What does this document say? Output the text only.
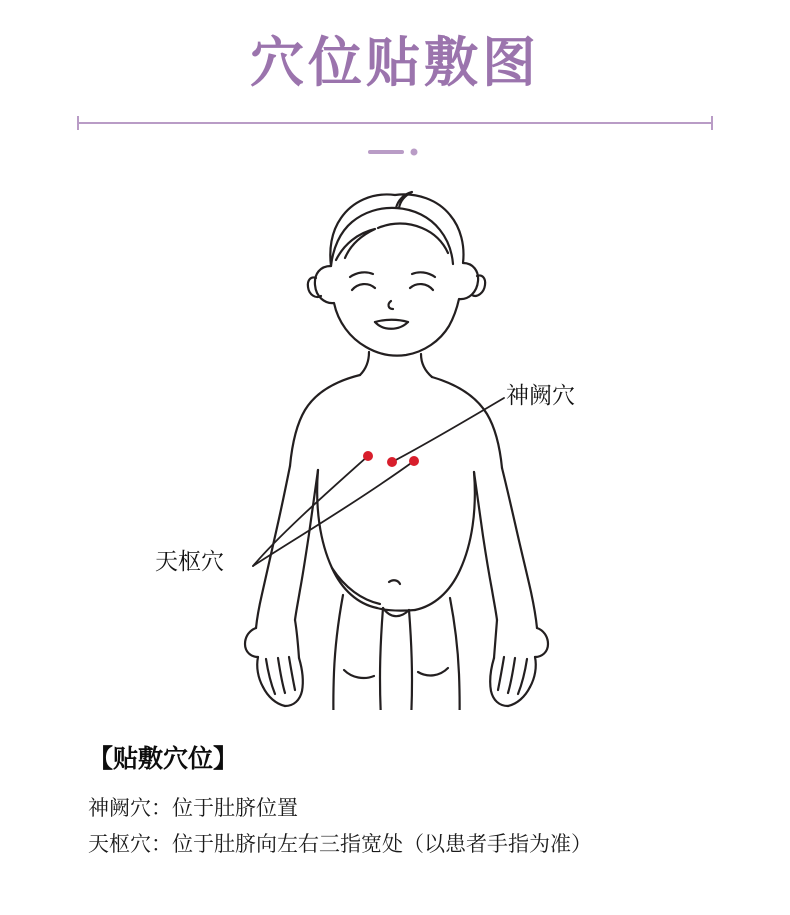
穴位贴敷图
神阙穴
天枢穴
【贴敷穴位】
神阙穴：位于肚脐位置
天枢穴：位于肚脐向左右三指宽处（以患者手指为准）
